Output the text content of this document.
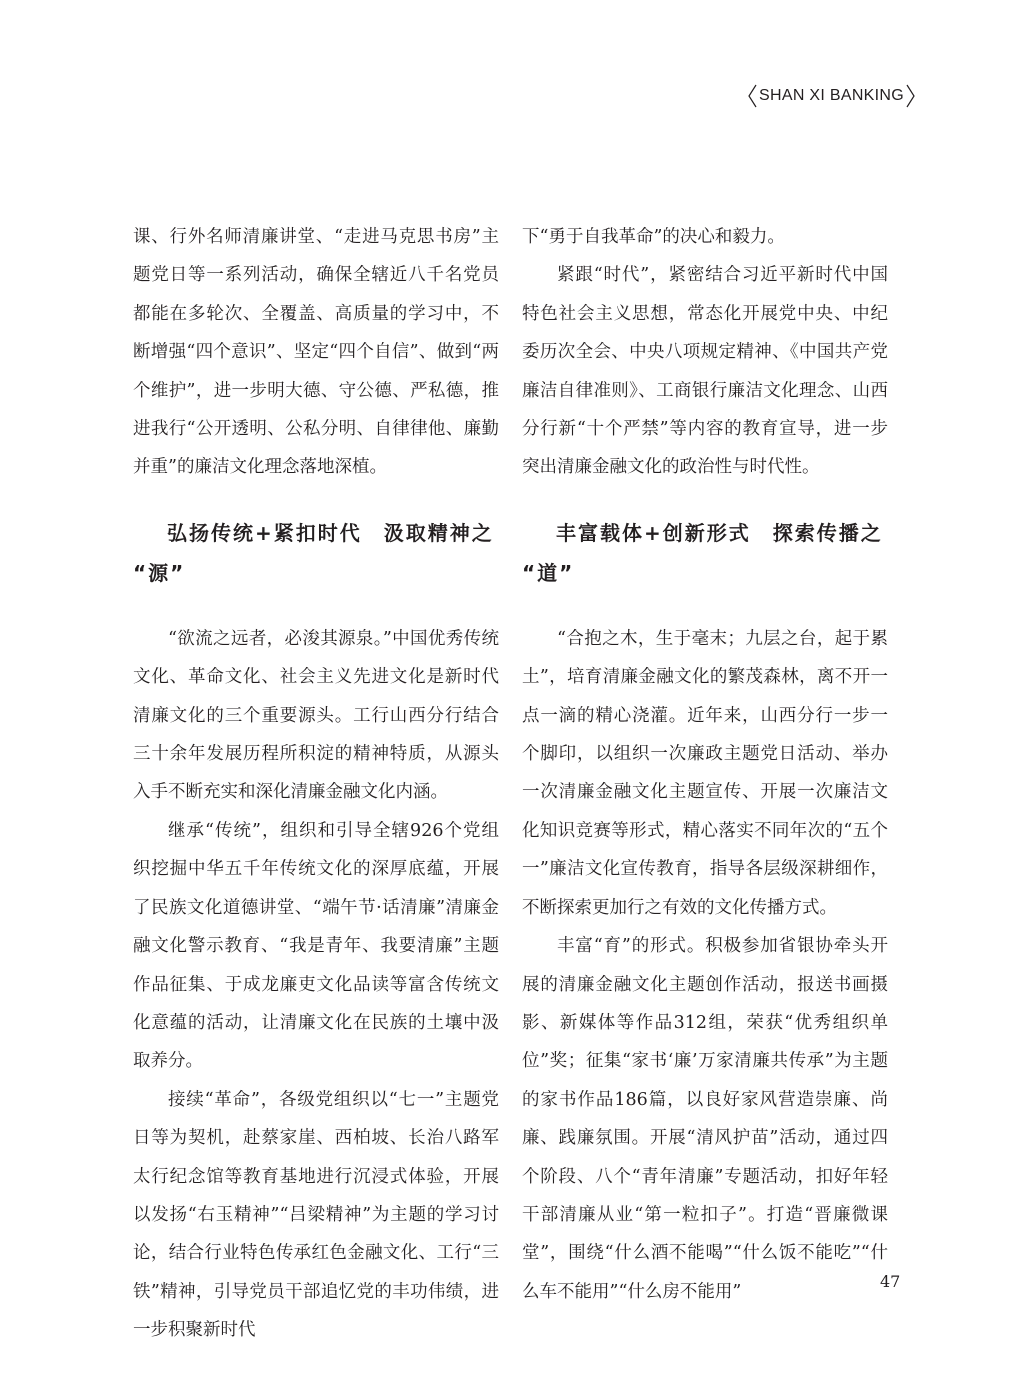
SHAN XI BANKING

课、行外名师清廉讲堂、“走进马克思书房”主题党日等一系列活动，确保全辖近八千名党员都能在多轮次、全覆盖、高质量的学习中，不断增强“四个意识”、坚定“四个自信”、做到“两个维护”，进一步明大德、守公德、严私德，推进我行“公开透明、公私分明、自律律他、廉勤并重”的廉洁文化理念落地深植。

弘扬传统+紧扣时代　汲取精神之
“源”

“欲流之远者，必浚其源泉。”中国优秀传统文化、革命文化、社会主义先进文化是新时代清廉文化的三个重要源头。工行山西分行结合三十余年发展历程所积淀的精神特质，从源头入手不断充实和深化清廉金融文化内涵。

继承“传统”，组织和引导全辖926个党组织挖掘中华五千年传统文化的深厚底蕴，开展了民族文化道德讲堂、“端午节·话清廉”清廉金融文化警示教育、“我是青年、我要清廉”主题作品征集、于成龙廉吏文化品读等富含传统文化意蕴的活动，让清廉文化在民族的土壤中汲取养分。

接续“革命”，各级党组织以“七一”主题党日等为契机，赴蔡家崖、西柏坡、长治八路军太行纪念馆等教育基地进行沉浸式体验，开展以发扬“右玉精神”“吕梁精神”为主题的学习讨论，结合行业特色传承红色金融文化、工行“三铁”精神，引导党员干部追忆党的丰功伟绩，进一步积聚新时代

下“勇于自我革命”的决心和毅力。

紧跟“时代”，紧密结合习近平新时代中国特色社会主义思想，常态化开展党中央、中纪委历次全会、中央八项规定精神、《中国共产党廉洁自律准则》、工商银行廉洁文化理念、山西分行新“十个严禁”等内容的教育宣导，进一步突出清廉金融文化的政治性与时代性。

丰富载体+创新形式　探索传播之
“道”

“合抱之木，生于毫末；九层之台，起于累土”，培育清廉金融文化的繁茂森林，离不开一点一滴的精心浇灌。近年来，山西分行一步一个脚印，以组织一次廉政主题党日活动、举办一次清廉金融文化主题宣传、开展一次廉洁文化知识竞赛等形式，精心落实不同年次的“五个一”廉洁文化宣传教育，指导各层级深耕细作，不断探索更加行之有效的文化传播方式。

丰富“育”的形式。积极参加省银协牵头开展的清廉金融文化主题创作活动，报送书画摄影、新媒体等作品312组，荣获“优秀组织单位”奖；征集“家书‘廉’万家清廉共传承”为主题的家书作品186篇，以良好家风营造崇廉、尚廉、践廉氛围。开展“清风护苗”活动，通过四个阶段、八个“青年清廉”专题活动，扣好年轻干部清廉从业“第一粒扣子”。打造“晋廉微课堂”，围绕“什么酒不能喝”“什么饭不能吃”“什么车不能用”“什么房不能用”

47
